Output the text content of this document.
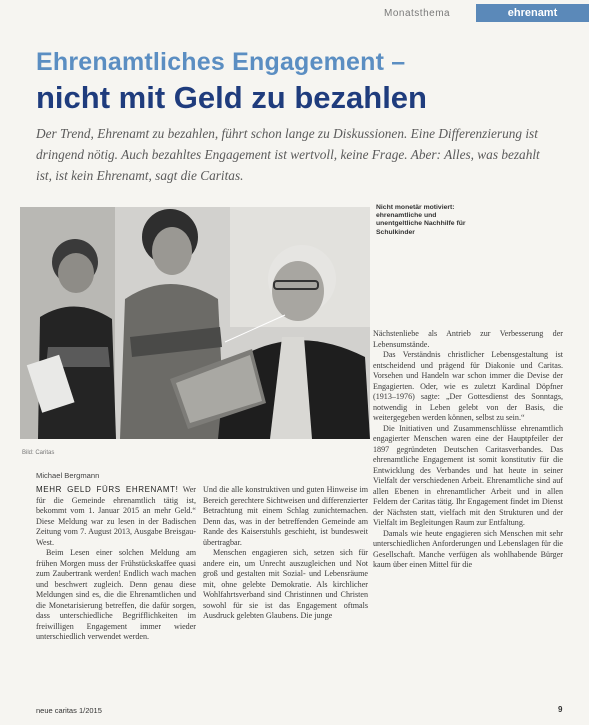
Monatsthema	ehrenamt
Ehrenamtliches Engagement –
nicht mit Geld zu bezahlen
Der Trend, Ehrenamt zu bezahlen, führt schon lange zu Diskussionen. Eine Differenzierung ist dringend nötig. Auch bezahltes Engagement ist wertvoll, keine Frage. Aber: Alles, was bezahlt ist, ist kein Ehrenamt, sagt die Caritas.
Nicht monetär motiviert: ehrenamtliche und unentgeltliche Nachhilfe für Schulkinder
Bild: Caritas
Michael Bergmann

MEHR GELD FÜRS EHRENAMT! Wer für die Gemeinde ehrenamtlich tätig ist, bekommt vom 1. Januar 2015 an mehr Geld.“ Diese Meldung war zu lesen in der Badischen Zeitung vom 7. August 2013, Ausgabe Breisgau-West.

Beim Lesen einer solchen Meldung am frühen Morgen muss der Frühstückskaffee quasi zum Zaubertrank werden! Endlich wach machen und beschwert zugleich. Denn genau diese Meldungen sind es, die die Ehrenamtlichen und die Monetarisierung betreffen, die dafür sorgen, dass unterschiedliche Begrifflichkeiten im freiwilligen Engagement immer wieder unterschiedlich verwendet werden.

Und die alle konstruktiven und guten Hinweise im Bereich gerechtere Sichtweisen und differenzierter Betrachtung mit einem Schlag zunichtemachen. Denn das, was in der betreffenden Gemeinde am Rande des Kaiserstuhls geschieht, ist bundesweit übertragbar.

Menschen engagieren sich, setzen sich für andere ein, um Unrecht auszugleichen und Not groß und gestalten mit Sozial- und Lebensräume mit, ohne gelebte Demokratie. Als kirchlicher Wohlfahrtsverband sind Christinnen und Christen sowohl für sie ist das Engagement oftmals Ausdruck gelebten Glaubens. Die junge

Nächstenliebe als Antrieb zur Verbesserung der Lebensumstände.

Das Verständnis christlicher Lebensgestaltung ist entscheidend und prägend für Diakonie und Caritas. Vorsehen und Handeln war schon immer die Devise der Engagierten. Oder, wie es zuletzt Kardinal Döpfner (1913–1976) sagte: „Der Gottesdienst des Sonntags, notwendig in Leben gelebt von der Basis, die weitergegeben werden können, selbst zu sein.“

Die Initiativen und Zusammenschlüsse ehrenamtlich engagierter Menschen waren eine der Hauptpfeiler der 1897 gegründeten Deutschen Caritasverbandes. Das ehrenamtliche Engagement ist somit konstitutiv für die Entwicklung des Verbandes und hat heute in seiner Vielfalt der verschiedenen Arbeit. Ehrenamtliche sind auf allen Ebenen in ehrenamtlicher Arbeit und in allen Feldern der Caritas tätig. Ihr Engagement findet im Dienst der Nächsten statt, vielfach mit den Strukturen und der Vielfalt im Begleitungen Raum zur Entfaltung.

Damals wie heute engagieren sich Menschen mit sehr unterschiedlichen Anforderungen und Lebenslagen für die Gesellschaft. Manche verfügen als wohlhabende Bürger kaum über einen Mittel für die

neue caritas 1/2015	9
